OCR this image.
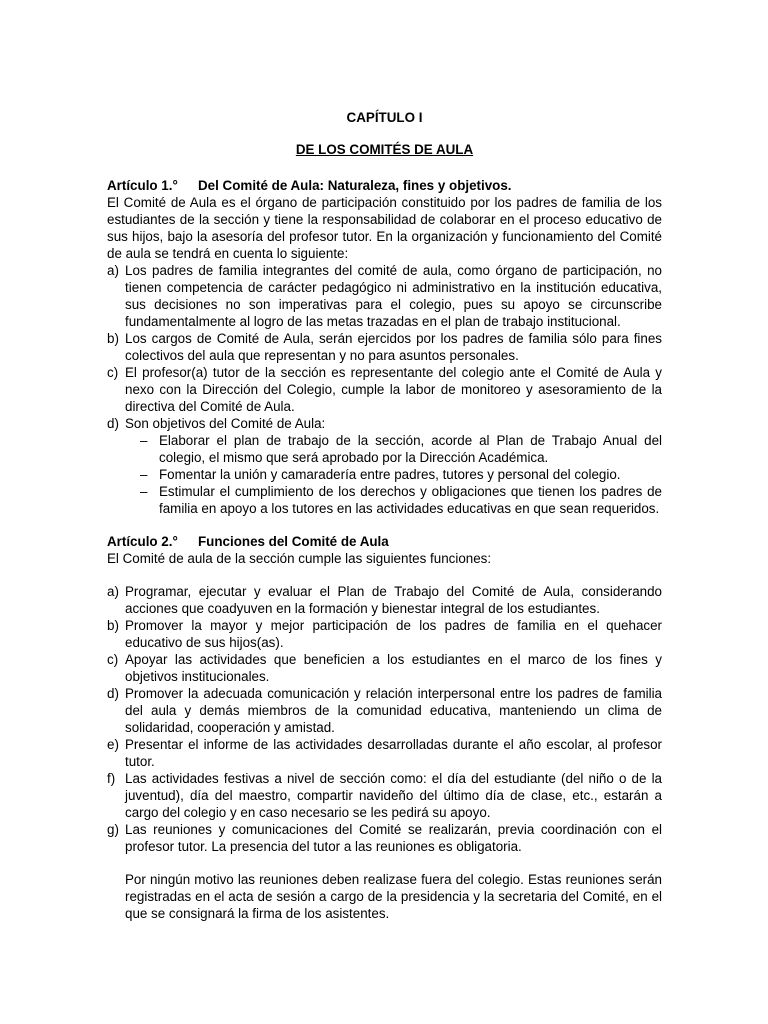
CAPÍTULO I
DE LOS COMITÉS DE AULA
Artículo 1.° Del Comité de Aula: Naturaleza, fines y objetivos.

El Comité de Aula es el órgano de participación constituido por los padres de familia de los estudiantes de la sección y tiene la responsabilidad de colaborar en el proceso educativo de sus hijos, bajo la asesoría del profesor tutor. En la organización y funcionamiento del Comité de aula se tendrá en cuenta lo siguiente:

a) Los padres de familia integrantes del comité de aula, como órgano de participación, no tienen competencia de carácter pedagógico ni administrativo en la institución educativa, sus decisiones no son imperativas para el colegio, pues su apoyo se circunscribe fundamentalmente al logro de las metas trazadas en el plan de trabajo institucional.
b) Los cargos de Comité de Aula, serán ejercidos por los padres de familia sólo para fines colectivos del aula que representan y no para asuntos personales.
c) El profesor(a) tutor de la sección es representante del colegio ante el Comité de Aula y nexo con la Dirección del Colegio, cumple la labor de monitoreo y asesoramiento de la directiva del Comité de Aula.
d) Son objetivos del Comité de Aula:
– Elaborar el plan de trabajo de la sección, acorde al Plan de Trabajo Anual del colegio, el mismo que será aprobado por la Dirección Académica.
– Fomentar la unión y camaradería entre padres, tutores y personal del colegio.
– Estimular el cumplimiento de los derechos y obligaciones que tienen los padres de familia en apoyo a los tutores en las actividades educativas en que sean requeridos.
Artículo 2.° Funciones del Comité de Aula

El Comité de aula de la sección cumple las siguientes funciones:

a) Programar, ejecutar y evaluar el Plan de Trabajo del Comité de Aula, considerando acciones que coadyuven en la formación y bienestar integral de los estudiantes.
b) Promover la mayor y mejor participación de los padres de familia en el quehacer educativo de sus hijos(as).
c) Apoyar las actividades que beneficien a los estudiantes en el marco de los fines y objetivos institucionales.
d) Promover la adecuada comunicación y relación interpersonal entre los padres de familia del aula y demás miembros de la comunidad educativa, manteniendo un clima de solidaridad, cooperación y amistad.
e) Presentar el informe de las actividades desarrolladas durante el año escolar, al profesor tutor.
f) Las actividades festivas a nivel de sección como: el día del estudiante (del niño o de la juventud), día del maestro, compartir navideño del último día de clase, etc., estarán a cargo del colegio y en caso necesario se les pedirá su apoyo.
g) Las reuniones y comunicaciones del Comité se realizarán, previa coordinación con el profesor tutor. La presencia del tutor a las reuniones es obligatoria.

Por ningún motivo las reuniones deben realizase fuera del colegio. Estas reuniones serán registradas en el acta de sesión a cargo de la presidencia y la secretaria del Comité, en el que se consignará la firma de los asistentes.
